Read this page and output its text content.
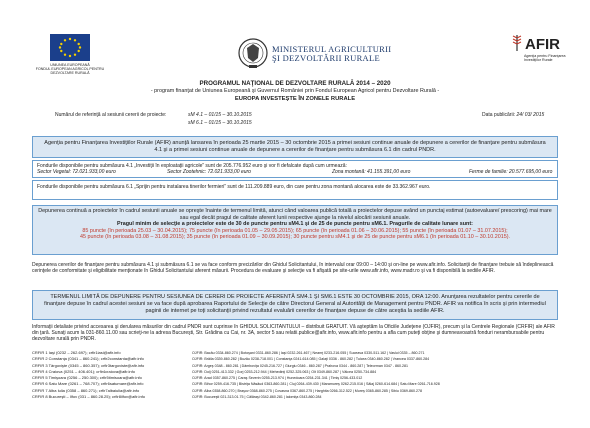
UNIUNEA EUROPEANĂ
FONDUL EUROPEAN AGRICOL PENTRU
DEZVOLTARE RURALĂ
MINISTERUL AGRICULTURII
ŞI DEZVOLTĂRII RURALE
AFIR
Agenţia pentru Finanţarea
Investiţiilor Rurale
PROGRAMUL NAŢIONAL DE DEZVOLTARE RURALĂ 2014 – 2020
- program finanţat de Uniunea Europeană şi Guvernul României prin Fondul European Agricol pentru Dezvoltare Rurală -
EUROPA INVESTEŞTE ÎN ZONELE RURALE
Numărul de referinţă al sesiunii cererii de proiecte:	sM 4.1 – 01/15 – 30.10.2015
sM 6.1 – 01/15 – 30.10.2015
Data publicării: 24/ 03/ 2015
Agenţia pentru Finanţarea Investiţiilor Rurale (AFIR) anunţă lansarea în perioada 25 martie 2015 – 30 octombrie 2015 a primei sesiuni continue anuale de depunere a cererilor de finanţare pentru submăsura 4.1 şi a primei sesiuni continue anuale de depunere a cererilor de finanţare pentru submăsura 6.1 din cadrul PNDR.
Fondurile disponibile pentru submăsura 4.1 „Investiţii în exploataţii agricole” sunt de 205.776.952 euro şi vor fi defalcate după cum urmează:
Sector Vegetal: 72.021.933,00 euro	Sector Zootehnic: 72.021.933,00 euro	Zona montană: 41.155.391,00 euro	Ferme de familie: 20.577.695,00 euro
Fondurile disponibile pentru submăsura 6.1 „Sprijin pentru instalarea tinerilor fermieri” sunt de 111.209.889 euro, din care pentru zona montană alocarea este de 33.362.967 euro.
Depunerea continuă a proiectelor în cadrul sesiunii anuale se opreşte înainte de termenul limită, atunci când valoarea publică totală a proiectelor depuse având un punctaj estimat (autoevaluare/ prescoring) mai mare sau egal decât pragul de calitate aferent lunii respective ajunge la nivelul alocării sesiunii anuale.
Pragul minim de selecţie a proiectelor este de 30 de puncte pentru sM4.1 şi de 25 de puncte pentru sM6.1. Pragurile de calitate lunare sunt:
85 puncte (în perioada 25.03 – 30.04.2015); 75 puncte (în perioada 01.05 – 29.05.2015); 65 puncte (în perioada 01.06 – 30.06.2015); 55 puncte (în perioada 01.07 – 31.07.2015);
45 puncte (în perioada 03.08 – 31.08.2015); 35 puncte (în perioada 01.09 – 30.09.2015); 30 puncte pentru sM4.1 şi de 25 de puncte pentru sM6.1 (în perioada 01.10 – 30.10.2015).
Depunerea cererilor de finanţare pentru submăsura 4.1 şi submăsura 6.1 se va face conform precizărilor din Ghidul Solicitantului, în intervalul orar 09:00 – 14:00 şi on-line pe www.afir.info. Solicitanţii de finanţare trebuie să îndeplinească cerinţele de conformitate şi eligibilitate menţionate în Ghidul Solicitantului aferent măsurii. Procedura de evaluare şi selecţie va fi afişată pe site-urile www.afir.info, www.madr.ro şi va fi disponibilă la sediile AFIR.
TERMENUL LIMITĂ DE DEPUNERE PENTRU SESIUNEA DE CERERI DE PROIECTE AFERENTĂ SM4.1 ŞI SM6.1 ESTE 30 OCTOMBRIE 2015, ORA 12:00. Anunţarea rezultatelor pentru cererile de finanţare depuse în cadrul acestei sesiuni se va face după aprobarea Raportului de Selecţie de către Directorul General al Autorităţii de Management pentru PNDR. AFIR va notifica în scris şi prin intermediul paginii de internet pe toţi solicitanţii privind rezultatul evaluării cererilor de finanţare depuse de către aceştia la sediile AFIR.
Informaţii detaliate privind accesarea şi derularea măsurilor din cadrul PNDR sunt cuprinse în GHIDUL SOLICITANTULUI – distribuit GRATUIT. Vă aşteptăm la Oficiile Judeţene (OJFIR), precum şi la Centrele Regionale (CRFIR) ale AFIR din ţară. Sunaţi acum la 031-860.11.00 sau scrieţi-ne la adresa Bucureşti, Str. Grădina cu Cai, nr. 3A, sector 5 sau relatii.publice@afir.info, www.afir.info pentru a afla cum puteţi obţine şi dumneavoastră fonduri nerambursabile pentru dezvoltare rurală prin PNDR.
CRFIR 1 Iaşi (0232 – 262.697); crfir1iasi@afir.info
CRFIR 2 Constanţa (0341 – 860.241); crfir2constanta@afir.info
CRFIR 3 Târgovişte (0345 – 860.357); crfir3targoviste@afir.info
CRFIR 4 Craiova (0251 – 406.401); crfir4craiova@afir.info
CRFIR 5 Timişoara (0256 – 250.300); crfir5timisoara@afir.info
CRFIR 6 Satu Mare (0261 – 768.707); crfir6satumare@afir.info
CRFIR 7 Alba Iulia (0358 – 860.271); crfir7albaiulia@afir.info
CRFIR 8 Bucureşti – Ilfov (031 – 860.28.25); crfir8ilfov@afir.info
OJFIR: Bacău 0334-860.274 | Botoşani 0331-860.286 | Iaşi 0232-261.467 | Neamţ 0233-216.055 | Suceava 0330-511.162 | Vaslui 0335 – 860.271
OJFIR: Brăila 0339-860.282 | Buzău 0238-718.001 | Constanţa 0241-614.085 | Galaţi 0336 - 860.282 | Tulcea 0340-860.282 | Vrancea 0337-860.284
OJFIR: Argeş 0348 - 860.281 | Dâmboviţa 0245-216.727 | Giurgiu 0346 - 860.287 | Prahova 0344 - 860.287 | Teleorman 0347 - 860.281
OJFIR: Dolj 0251-413.332 | Gorj 0253-212.944 | Mehedinţi 0252-325.063 | Olt 0349-860.287 | Vâlcea 0250-734.884
OJFIR: Arad 0357-860.275 | Caraş Severin 0255-213.974 | Hunedoara 0254-231.341 | Timiş 0256-433.012
OJFIR: Bihor 0259-416.735 | Bistriţa Năsăud 0363-860.281 | Cluj 0264-439.430 | Maramureş 0262-215.016 | Sălaj 0260-614.684 | Satu Mare 0261-716.928
OJFIR: Alba 0358-860.270 | Braşov 0368-860.275 | Covasna 0367-860.275 | Harghita 0266-312.522 | Mureş 0365-860.285 | Sibiu 0369-860.278
OJFIR: Bucureşti 021-313.01.75 | Călăraşi 0342-860.281 | Ialomiţa 0343-860.284
